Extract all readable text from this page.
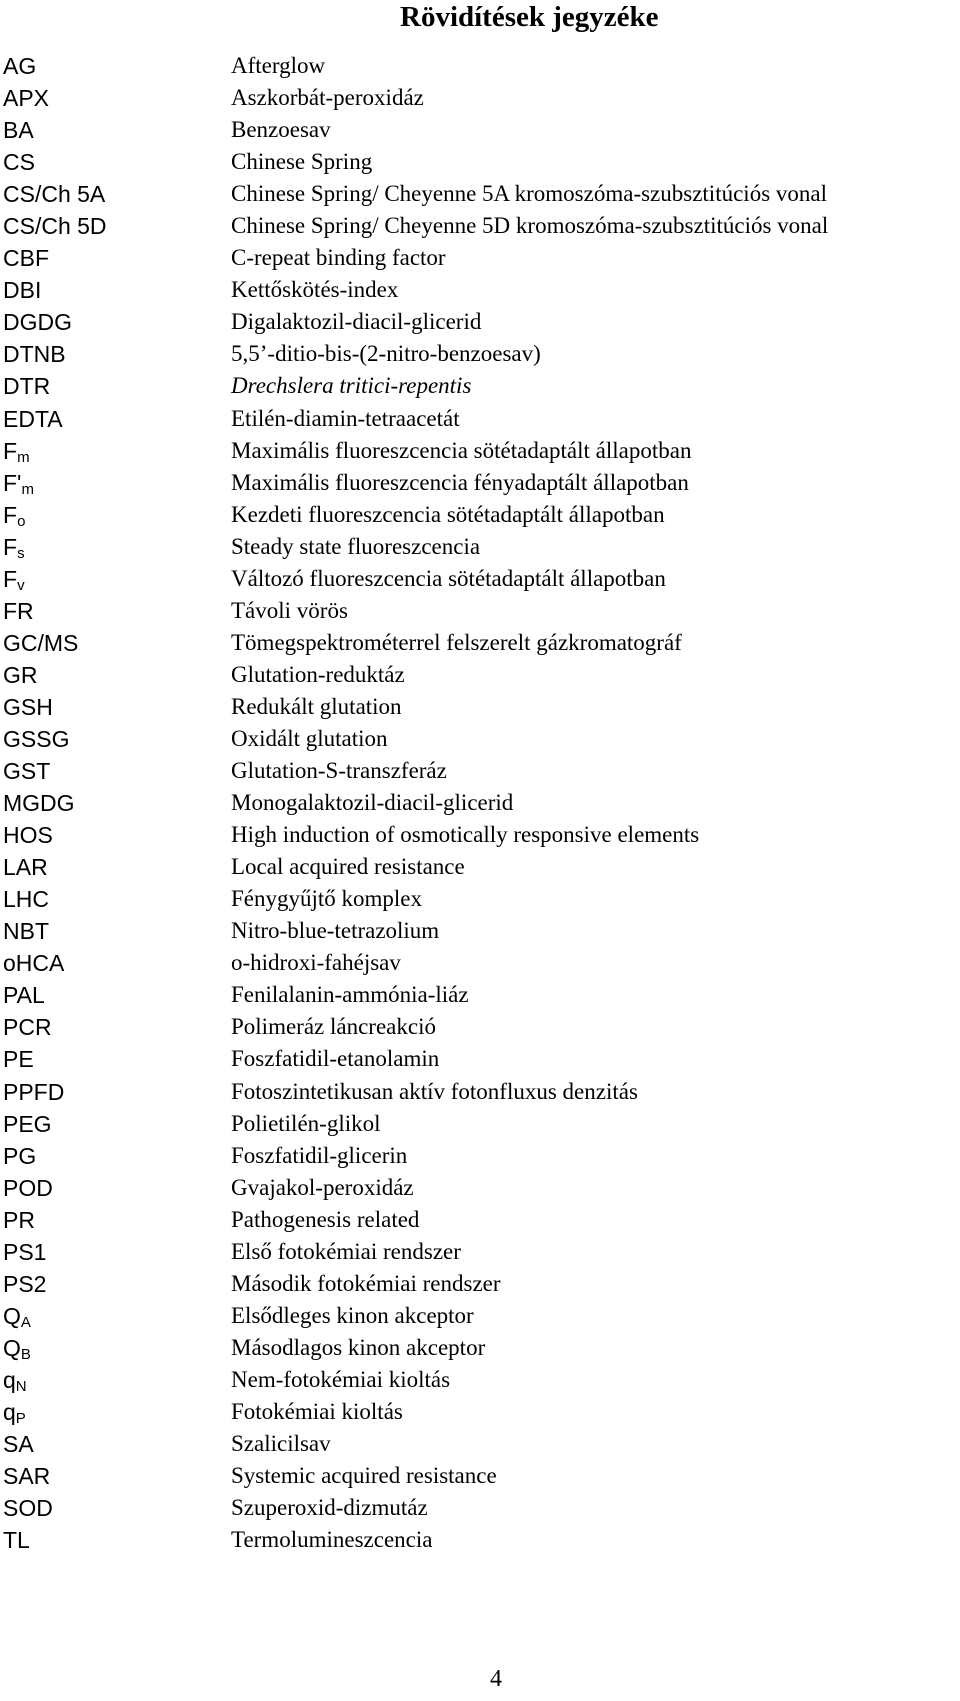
Rövidítések jegyzéke
AG	Afterglow
APX	Aszkorbát-peroxidáz
BA	Benzoesav
CS	Chinese Spring
CS/Ch 5A	Chinese Spring/ Cheyenne 5A kromoszóma-szubsztitúciós vonal
CS/Ch 5D	Chinese Spring/ Cheyenne 5D kromoszóma-szubsztitúciós vonal
CBF	C-repeat binding factor
DBI	Kettőskötés-index
DGDG	Digalaktozil-diacil-glicerid
DTNB	5,5’-ditio-bis-(2-nitro-benzoesav)
DTR	Drechslera tritici-repentis
EDTA	Etilén-diamin-tetraacetát
$F_m$	Maximális fluoreszcencia sötétadaptált állapotban
$F'_m$	Maximális fluoreszcencia fényadaptált állapotban
$F_o$	Kezdeti fluoreszcencia sötétadaptált állapotban
$F_s$	Steady state fluoreszcencia
$F_v$	Változó fluoreszcencia sötétadaptált állapotban
FR	Távoli vörös
GC/MS	Tömegspektrométerrel felszerelt gázkromatográf
GR	Glutation-reduktáz
GSH	Redukált glutation
GSSG	Oxidált glutation
GST	Glutation-S-transzferáz
MGDG	Monogalaktozil-diacil-glicerid
HOS	High induction of osmotically responsive elements
LAR	Local acquired resistance
LHC	Fénygyűjtő komplex
NBT	Nitro-blue-tetrazolium
oHCA	o-hidroxi-fahéjsav
PAL	Fenilalanin-ammónia-liáz
PCR	Polimeráz láncreakció
PE	Foszfatidil-etanolamin
PPFD	Fotoszintetikusan aktív fotonfluxus denzitás
PEG	Polietilén-glikol
PG	Foszfatidil-glicerin
POD	Gvajakol-peroxidáz
PR	Pathogenesis related
PS1	Első fotokémiai rendszer
PS2	Második fotokémiai rendszer
$Q_A$	Elsődleges kinon akceptor
$Q_B$	Másodlagos kinon akceptor
$q_N$	Nem-fotokémiai kioltás
$q_P$	Fotokémiai kioltás
SA	Szalicilsav
SAR	Systemic acquired resistance
SOD	Szuperoxid-dizmutáz
TL	Termolumineszcencia
4
